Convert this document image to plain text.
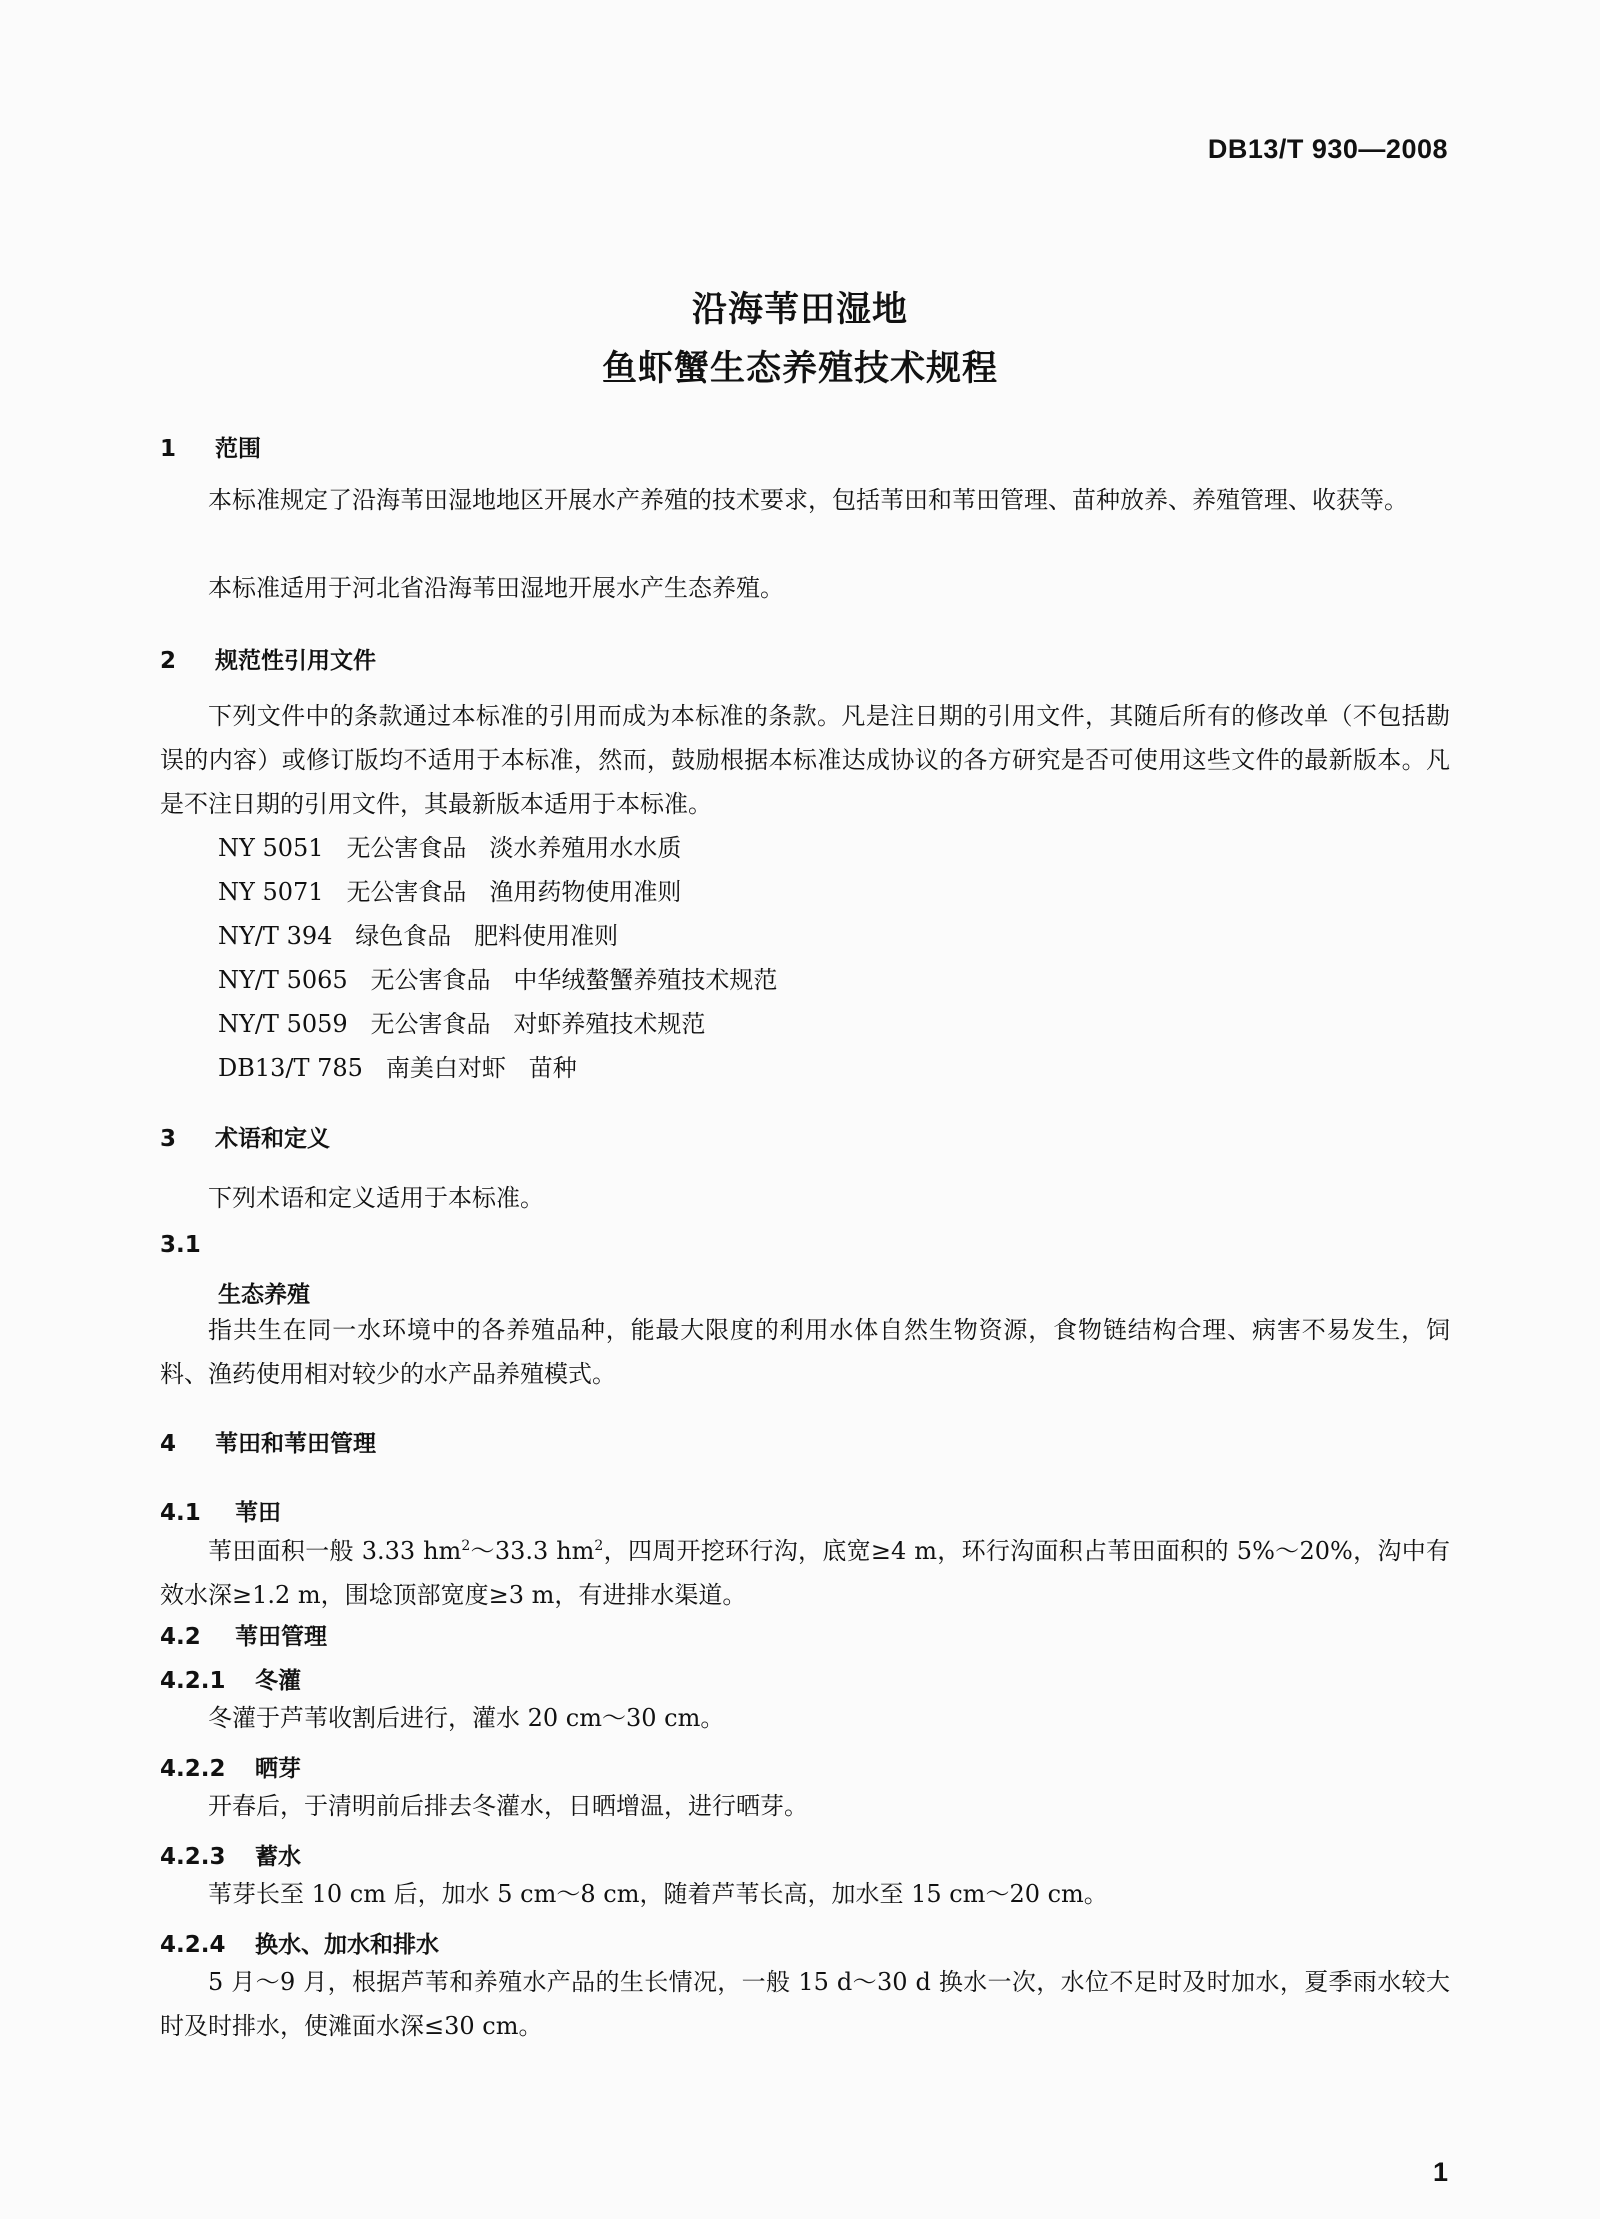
DB13/T 930—2008
沿海苇田湿地
鱼虾蟹生态养殖技术规程
1 范围
本标准规定了沿海苇田湿地地区开展水产养殖的技术要求，包括苇田和苇田管理、苗种放养、养殖管理、收获等。
本标准适用于河北省沿海苇田湿地开展水产生态养殖。
2 规范性引用文件
下列文件中的条款通过本标准的引用而成为本标准的条款。凡是注日期的引用文件，其随后所有的修改单（不包括勘误的内容）或修订版均不适用于本标准，然而，鼓励根据本标准达成协议的各方研究是否可使用这些文件的最新版本。凡是不注日期的引用文件，其最新版本适用于本标准。
NY 5051   无公害食品   淡水养殖用水水质
NY 5071   无公害食品   渔用药物使用准则
NY/T 394   绿色食品   肥料使用准则
NY/T 5065   无公害食品   中华绒螯蟹养殖技术规范
NY/T 5059   无公害食品   对虾养殖技术规范
DB13/T 785   南美白对虾   苗种
3 术语和定义
下列术语和定义适用于本标准。
3.1
生态养殖
指共生在同一水环境中的各养殖品种，能最大限度的利用水体自然生物资源，食物链结构合理、病害不易发生，饲料、渔药使用相对较少的水产品养殖模式。
4 苇田和苇田管理
4.1 苇田
苇田面积一般 3.33 $hm^2\sim 33.3$ $hm^2$，四周开挖环行沟，底宽≥4 m，环行沟面积占苇田面积的 5%～20%，沟中有效水深≥1.2 m，围埝顶部宽度≥3 m，有进排水渠道。
4.2 苇田管理
4.2.1 冬灌
冬灌于芦苇收割后进行，灌水 20 cm～30 cm。
4.2.2 晒芽
开春后，于清明前后排去冬灌水，日晒增温，进行晒芽。
4.2.3 蓄水
苇芽长至 10 cm 后，加水 5 cm～8 cm，随着芦苇长高，加水至 15 cm～20 cm。
4.2.4 换水、加水和排水
5 月～9 月，根据芦苇和养殖水产品的生长情况，一般 15 d～30 d 换水一次，水位不足时及时加水，夏季雨水较大时及时排水，使滩面水深≤30 cm。
1
